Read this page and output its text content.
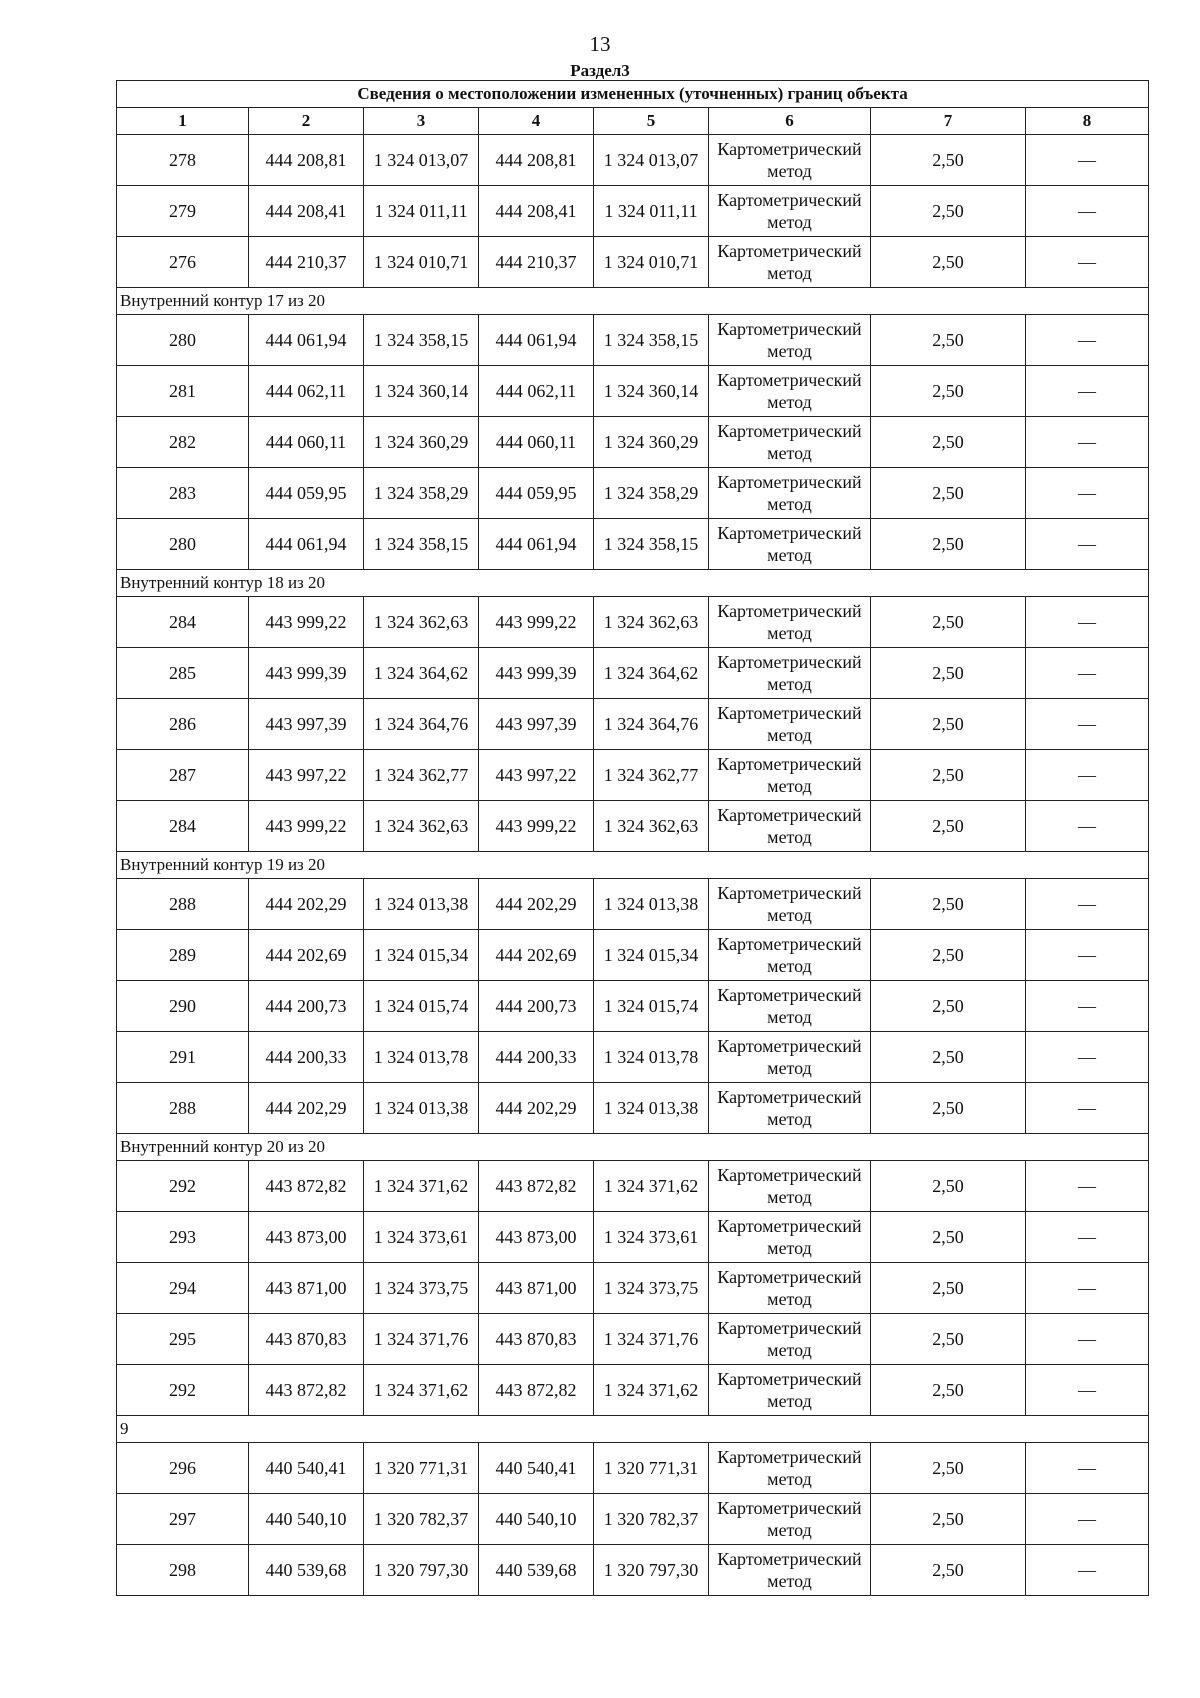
13
Раздел3
Сведения о местоположении измененных (уточненных) границ объекта							
1	2	3	4	5	6	7	8
278	444 208,81	1 324 013,07	444 208,81	1 324 013,07	Картометрический метод	2,50	—
279	444 208,41	1 324 011,11	444 208,41	1 324 011,11	Картометрический метод	2,50	—
276	444 210,37	1 324 010,71	444 210,37	1 324 010,71	Картометрический метод	2,50	—
Внутренний контур 17 из 20							
280	444 061,94	1 324 358,15	444 061,94	1 324 358,15	Картометрический метод	2,50	—
281	444 062,11	1 324 360,14	444 062,11	1 324 360,14	Картометрический метод	2,50	—
282	444 060,11	1 324 360,29	444 060,11	1 324 360,29	Картометрический метод	2,50	—
283	444 059,95	1 324 358,29	444 059,95	1 324 358,29	Картометрический метод	2,50	—
280	444 061,94	1 324 358,15	444 061,94	1 324 358,15	Картометрический метод	2,50	—
Внутренний контур 18 из 20							
284	443 999,22	1 324 362,63	443 999,22	1 324 362,63	Картометрический метод	2,50	—
285	443 999,39	1 324 364,62	443 999,39	1 324 364,62	Картометрический метод	2,50	—
286	443 997,39	1 324 364,76	443 997,39	1 324 364,76	Картометрический метод	2,50	—
287	443 997,22	1 324 362,77	443 997,22	1 324 362,77	Картометрический метод	2,50	—
284	443 999,22	1 324 362,63	443 999,22	1 324 362,63	Картометрический метод	2,50	—
Внутренний контур 19 из 20							
288	444 202,29	1 324 013,38	444 202,29	1 324 013,38	Картометрический метод	2,50	—
289	444 202,69	1 324 015,34	444 202,69	1 324 015,34	Картометрический метод	2,50	—
290	444 200,73	1 324 015,74	444 200,73	1 324 015,74	Картометрический метод	2,50	—
291	444 200,33	1 324 013,78	444 200,33	1 324 013,78	Картометрический метод	2,50	—
288	444 202,29	1 324 013,38	444 202,29	1 324 013,38	Картометрический метод	2,50	—
Внутренний контур 20 из 20							
292	443 872,82	1 324 371,62	443 872,82	1 324 371,62	Картометрический метод	2,50	—
293	443 873,00	1 324 373,61	443 873,00	1 324 373,61	Картометрический метод	2,50	—
294	443 871,00	1 324 373,75	443 871,00	1 324 373,75	Картометрический метод	2,50	—
295	443 870,83	1 324 371,76	443 870,83	1 324 371,76	Картометрический метод	2,50	—
292	443 872,82	1 324 371,62	443 872,82	1 324 371,62	Картометрический метод	2,50	—
9							
296	440 540,41	1 320 771,31	440 540,41	1 320 771,31	Картометрический метод	2,50	—
297	440 540,10	1 320 782,37	440 540,10	1 320 782,37	Картометрический метод	2,50	—
298	440 539,68	1 320 797,30	440 539,68	1 320 797,30	Картометрический метод	2,50	—
